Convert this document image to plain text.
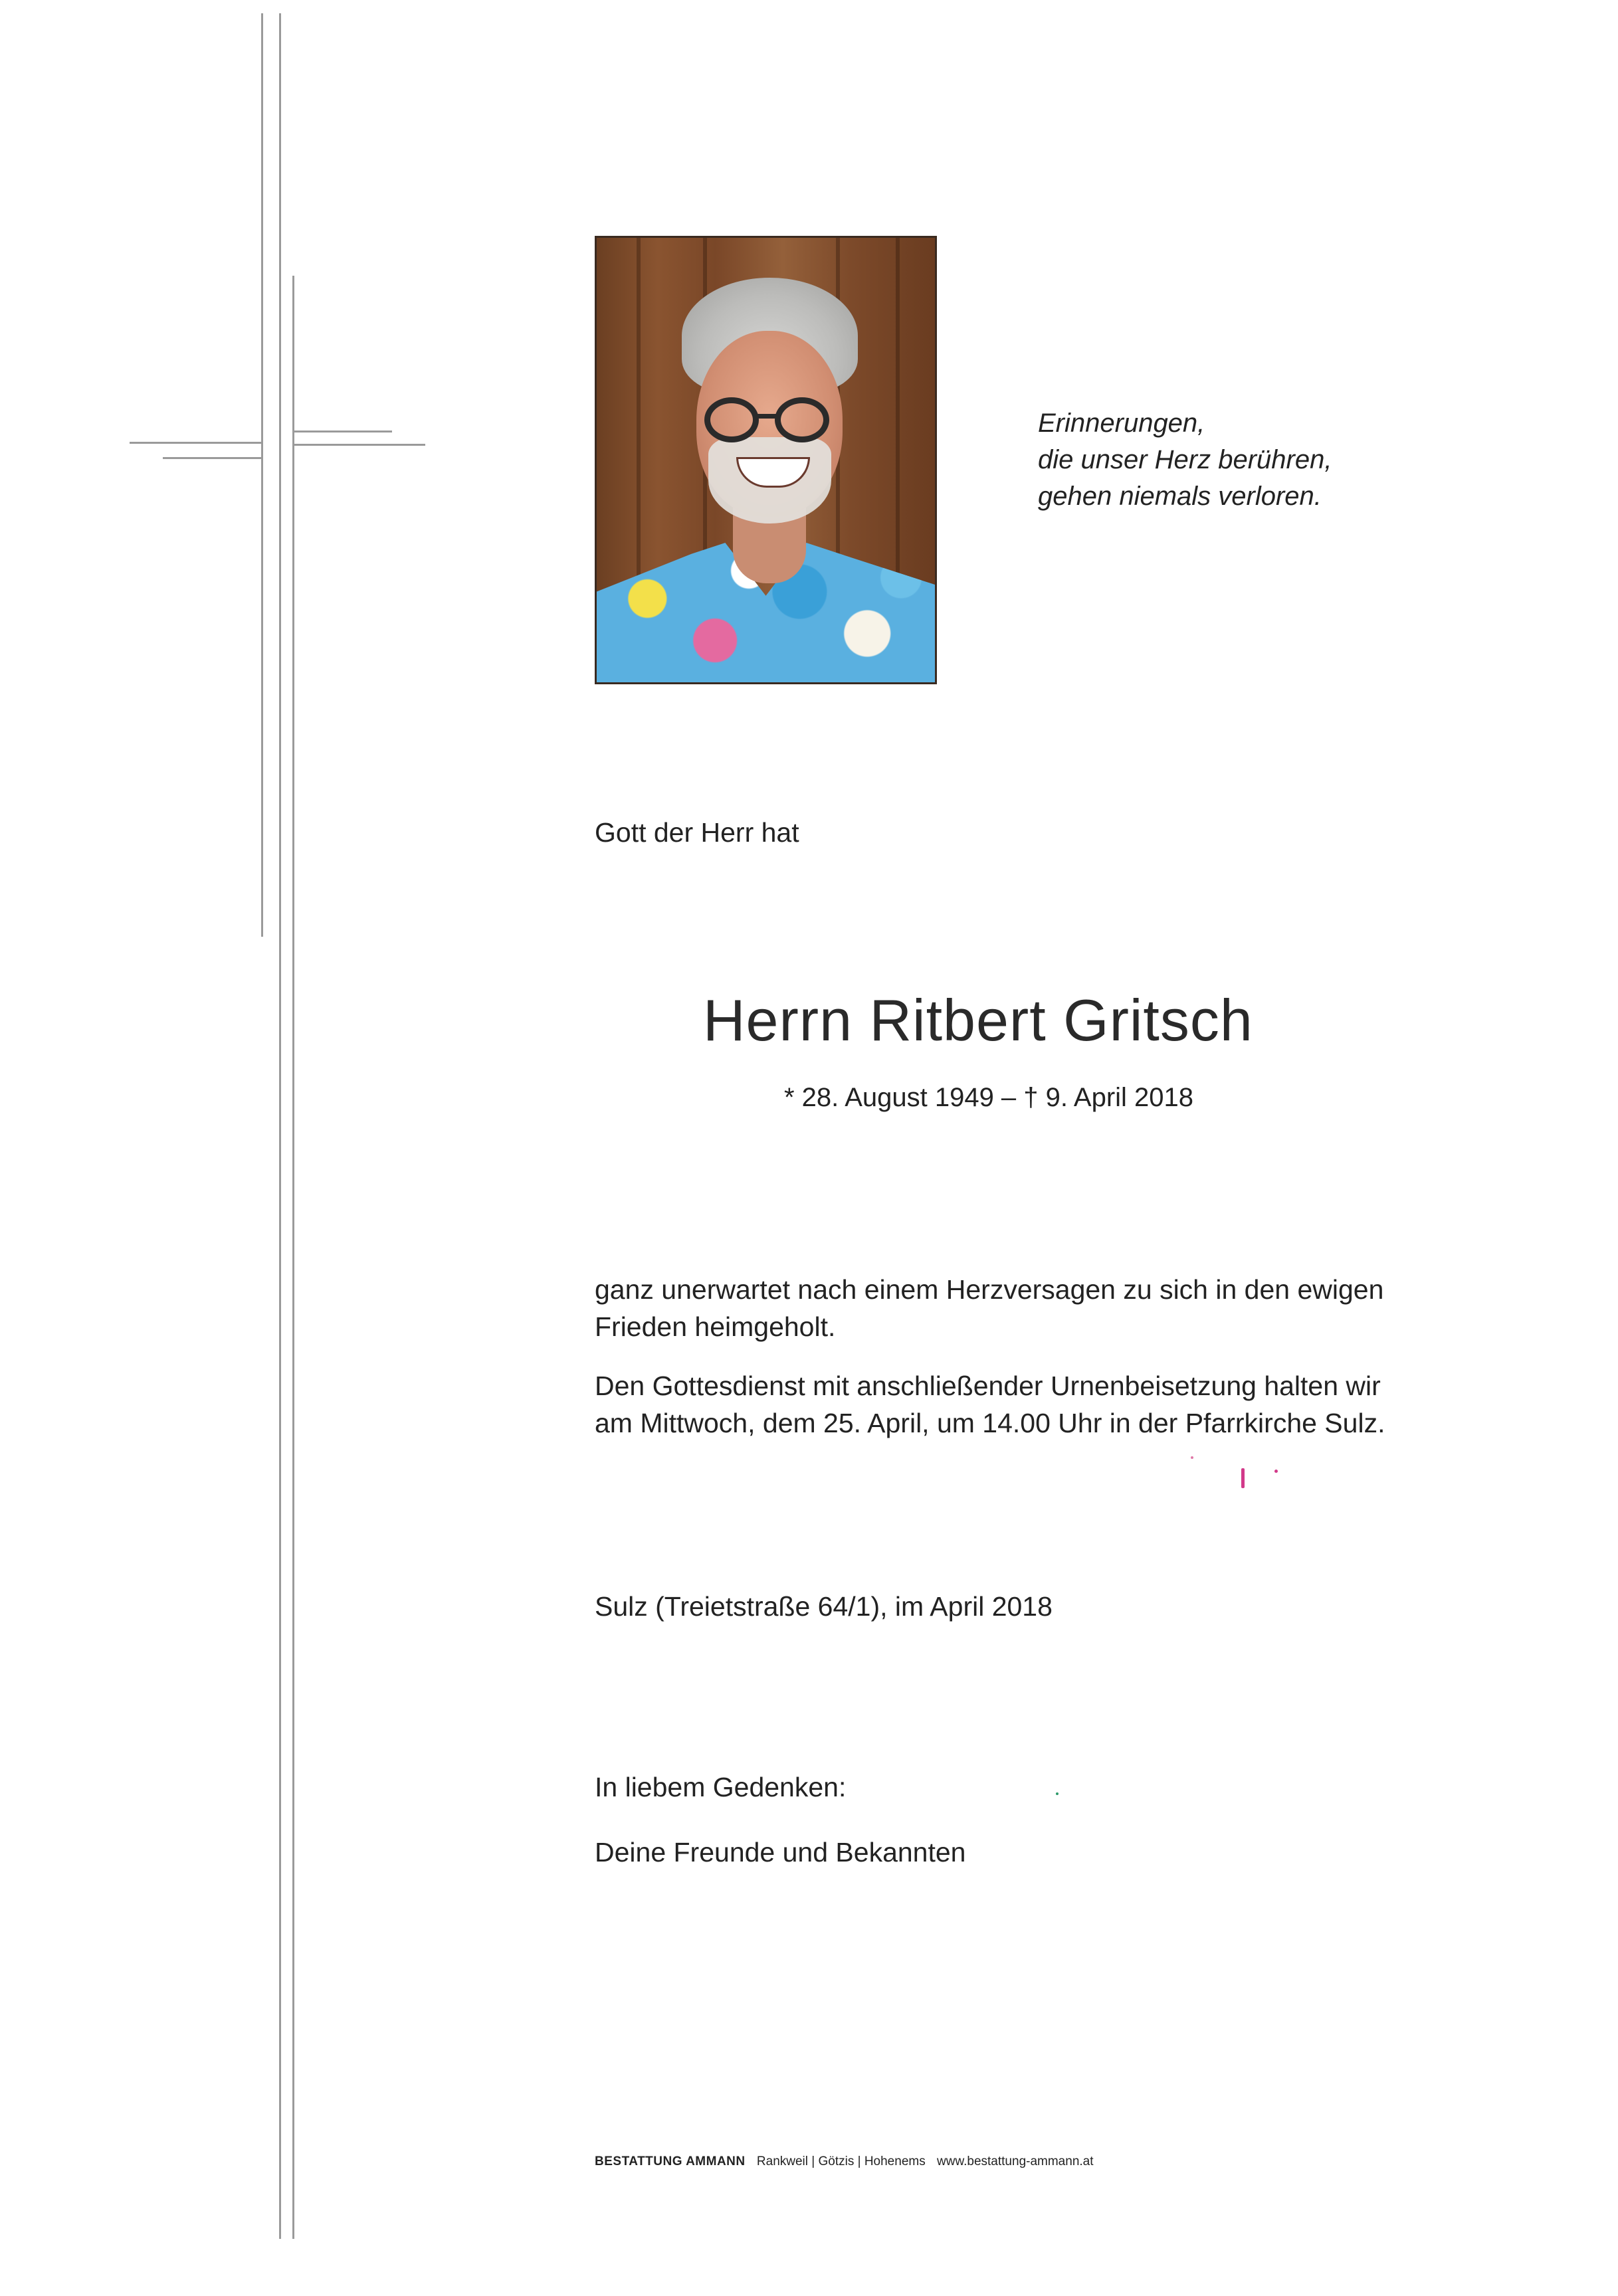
Erinnerungen,
die unser Herz berühren,
gehen niemals verloren.
Gott der Herr hat
Herrn Ritbert Gritsch
* 28. August 1949 – † 9. April 2018
ganz unerwartet nach einem Herzversagen zu sich in den ewigen
Frieden heimgeholt.
Den Gottesdienst mit anschließender Urnenbeisetzung halten wir
am Mittwoch, dem 25. April, um 14.00 Uhr in der Pfarrkirche Sulz.
Sulz (Treietstraße 64/1), im April 2018
In liebem Gedenken:
Deine Freunde und Bekannten
BESTATTUNG AMMANN Rankweil | Götzis | Hohenems www.bestattung-ammann.at
